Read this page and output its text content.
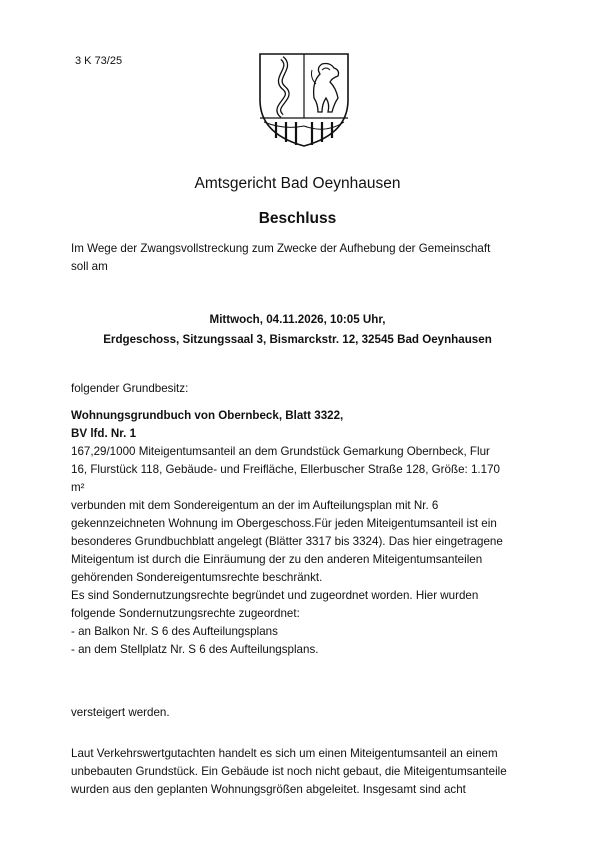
3 K 73/25
Amtsgericht Bad Oeynhausen
Beschluss
Im Wege der Zwangsvollstreckung zum Zwecke der Aufhebung der Gemeinschaft
soll am
Mittwoch, 04.11.2026, 10:05 Uhr,
Erdgeschoss, Sitzungssaal 3, Bismarckstr. 12, 32545 Bad Oeynhausen
folgender Grundbesitz:
Wohnungsgrundbuch von Obernbeck, Blatt 3322,
BV lfd. Nr. 1
167,29/1000 Miteigentumsanteil an dem Grundstück Gemarkung Obernbeck, Flur
16, Flurstück 118, Gebäude- und Freifläche, Ellerbuscher Straße 128, Größe: 1.170
m²
verbunden mit dem Sondereigentum an der im Aufteilungsplan mit Nr. 6
gekennzeichneten Wohnung im Obergeschoss.Für jeden Miteigentumsanteil ist ein
besonderes Grundbuchblatt angelegt (Blätter 3317 bis 3324). Das hier eingetragene
Miteigentum ist durch die Einräumung der zu den anderen Miteigentumsanteilen
gehörenden Sondereigentumsrechte beschränkt.
Es sind Sondernutzungsrechte begründet und zugeordnet worden. Hier wurden
folgende Sondernutzungsrechte zugeordnet:
- an Balkon Nr. S 6 des Aufteilungsplans
- an dem Stellplatz Nr. S 6 des Aufteilungsplans.
versteigert werden.
Laut Verkehrswertgutachten handelt es sich um einen Miteigentumsanteil an einem
unbebauten Grundstück. Ein Gebäude ist noch nicht gebaut, die Miteigentumsanteile
wurden aus den geplanten Wohnungsgrößen abgeleitet. Insgesamt sind acht
